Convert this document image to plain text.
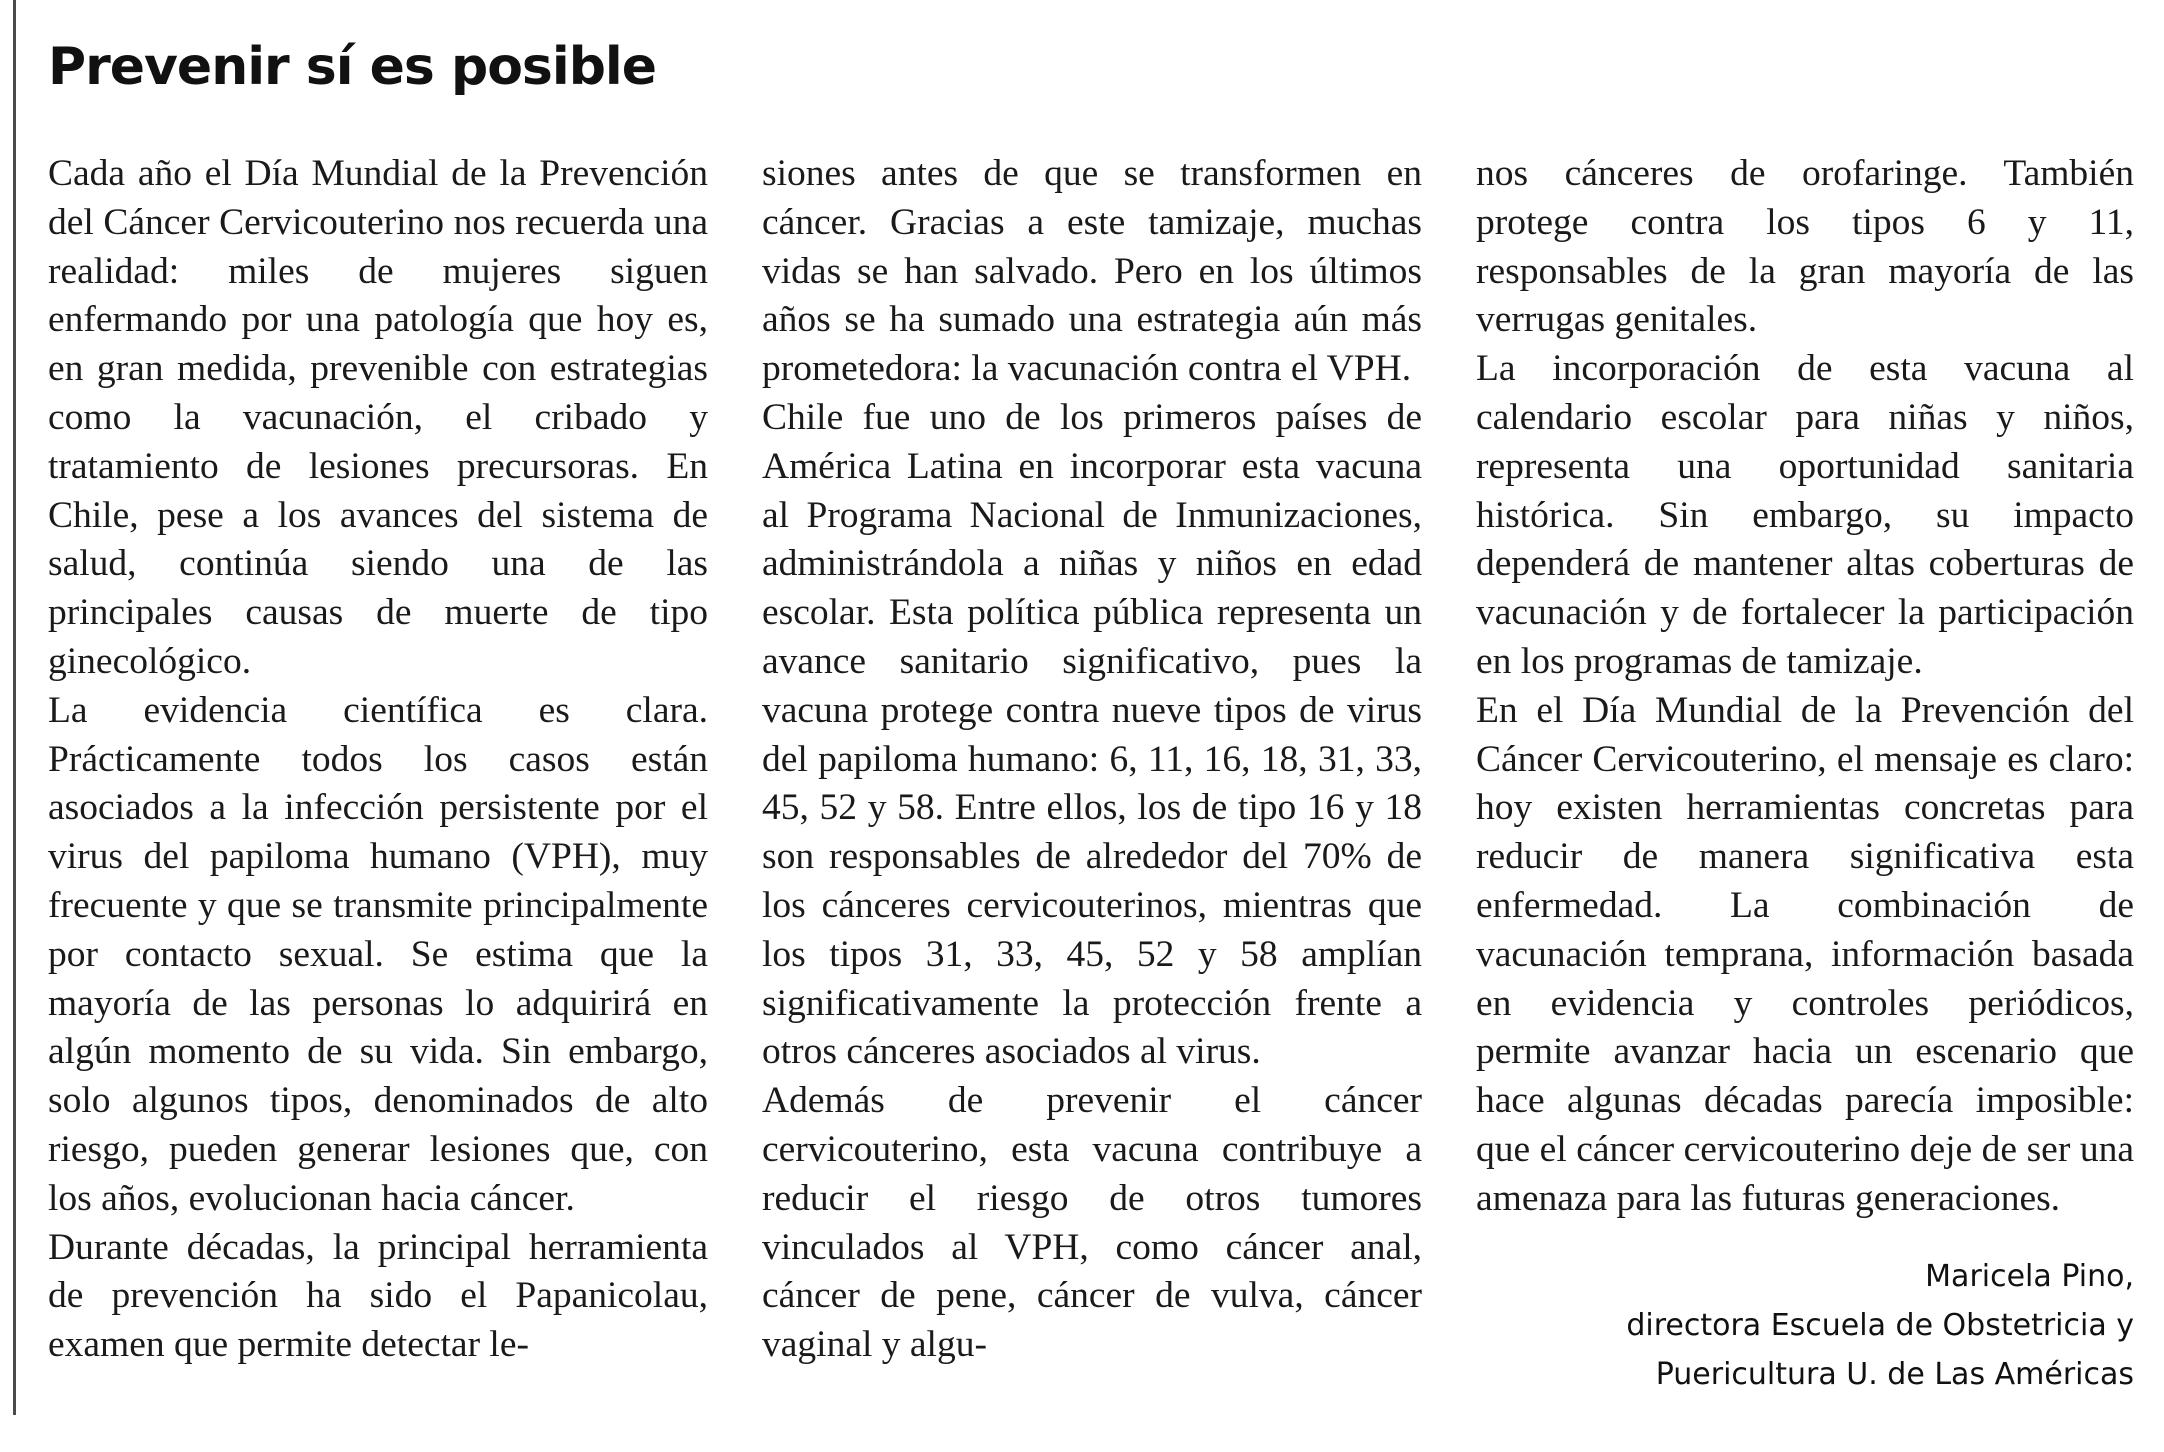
Prevenir sí es posible

Cada año el Día Mundial de la Prevención del Cáncer Cervicouterino nos recuerda una realidad: miles de mujeres siguen enfermando por una patología que hoy es, en gran medida, prevenible con estrategias como la vacunación, el cribado y tratamiento de lesiones precursoras. En Chile, pese a los avances del sistema de salud, continúa siendo una de las principales causas de muerte de tipo ginecológico.

La evidencia científica es clara. Prácticamente todos los casos están asociados a la infección persistente por el virus del papiloma humano (VPH), muy frecuente y que se transmite principalmente por contacto sexual. Se estima que la mayoría de las personas lo adquirirá en algún momento de su vida. Sin embargo, solo algunos tipos, denominados de alto riesgo, pueden generar lesiones que, con los años, evolucionan hacia cáncer.

Durante décadas, la principal herramienta de prevención ha sido el Papanicolau, examen que permite detectar le-

siones antes de que se transformen en cáncer. Gracias a este tamizaje, muchas vidas se han salvado. Pero en los últimos años se ha sumado una estrategia aún más prometedora: la vacunación contra el VPH.

Chile fue uno de los primeros países de América Latina en incorporar esta vacuna al Programa Nacional de Inmunizaciones, administrándola a niñas y niños en edad escolar. Esta política pública representa un avance sanitario significativo, pues la vacuna protege contra nueve tipos de virus del papiloma humano: 6, 11, 16, 18, 31, 33, 45, 52 y 58. Entre ellos, los de tipo 16 y 18 son responsables de alrededor del 70% de los cánceres cervicouterinos, mientras que los tipos 31, 33, 45, 52 y 58 amplían significativamente la protección frente a otros cánceres asociados al virus.

Además de prevenir el cáncer cervicouterino, esta vacuna contribuye a reducir el riesgo de otros tumores vinculados al VPH, como cáncer anal, cáncer de pene, cáncer de vulva, cáncer vaginal y algu-

nos cánceres de orofaringe. También protege contra los tipos 6 y 11, responsables de la gran mayoría de las verrugas genitales.

La incorporación de esta vacuna al calendario escolar para niñas y niños, representa una oportunidad sanitaria histórica. Sin embargo, su impacto dependerá de mantener altas coberturas de vacunación y de fortalecer la participación en los programas de tamizaje.

En el Día Mundial de la Prevención del Cáncer Cervicouterino, el mensaje es claro: hoy existen herramientas concretas para reducir de manera significativa esta enfermedad. La combinación de vacunación temprana, información basada en evidencia y controles periódicos, permite avanzar hacia un escenario que hace algunas décadas parecía imposible: que el cáncer cervicouterino deje de ser una amenaza para las futuras generaciones.

Maricela Pino,
directora Escuela de Obstetricia y
Puericultura U. de Las Américas
